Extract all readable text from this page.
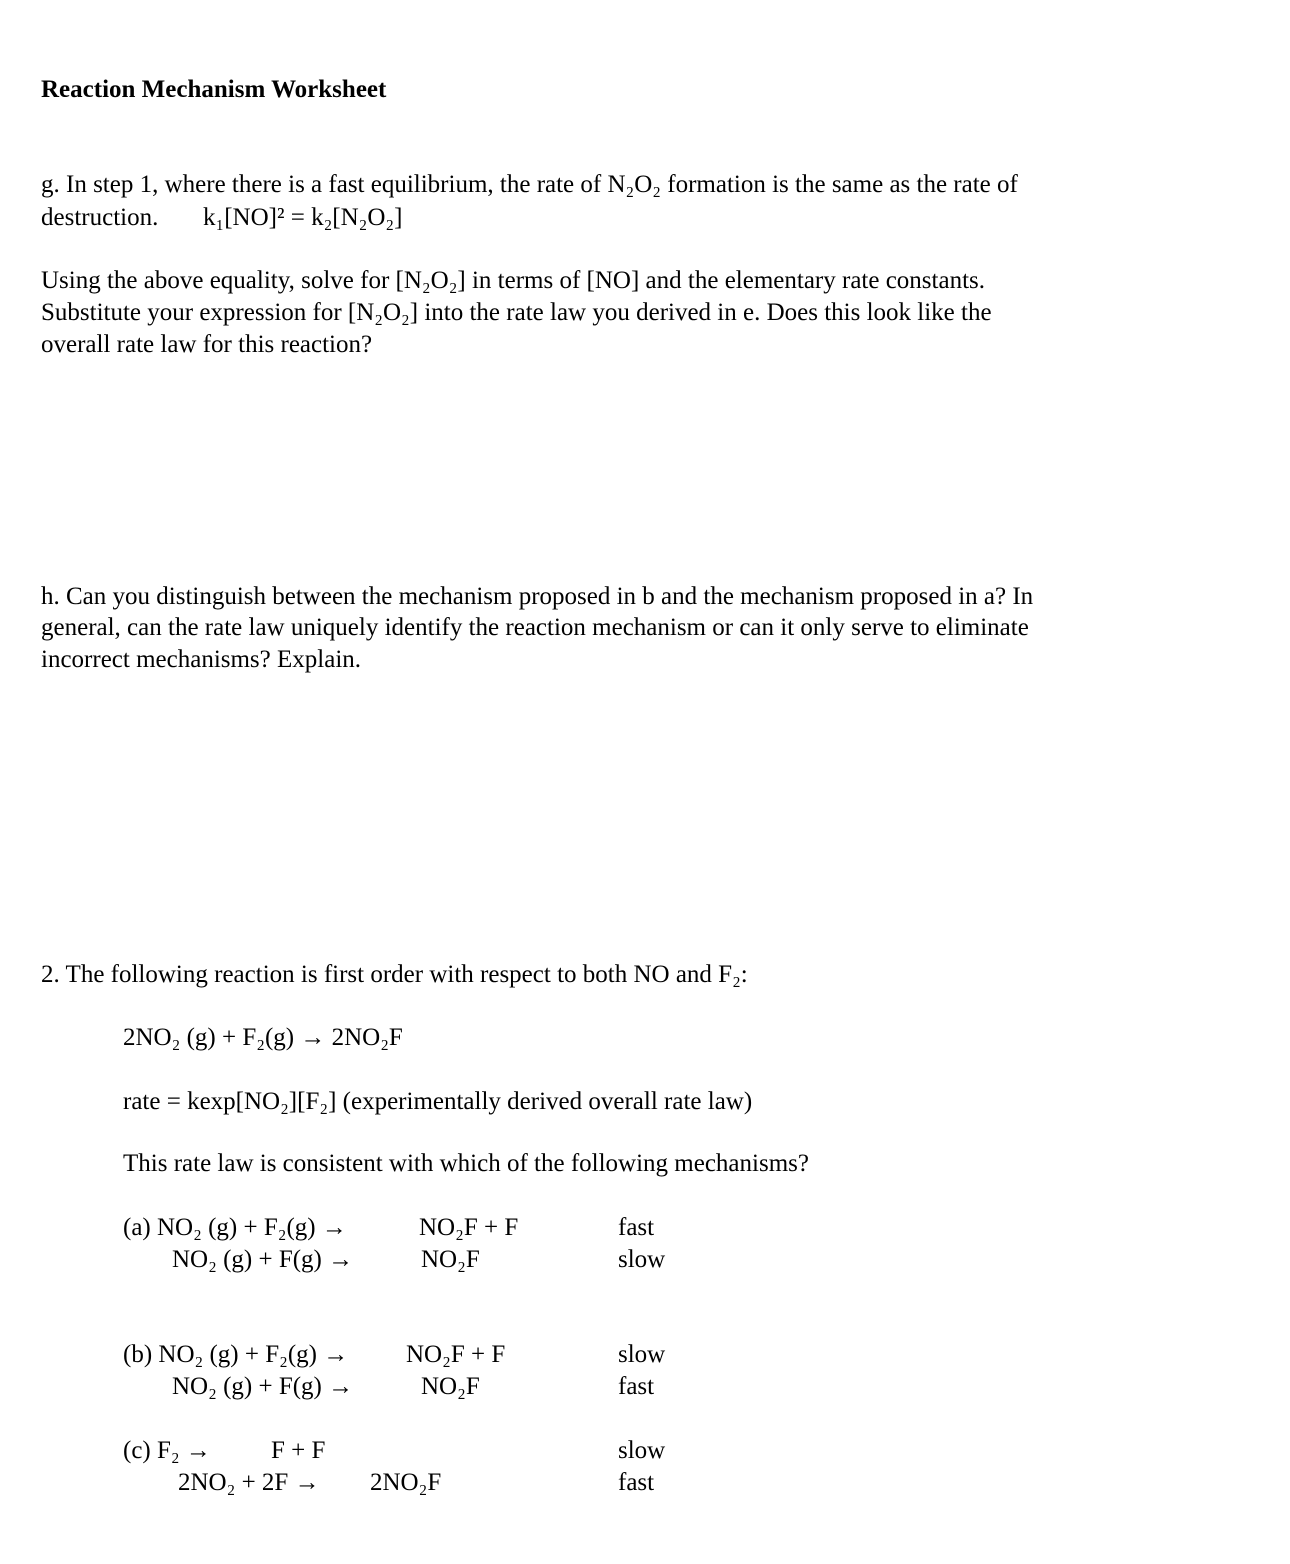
Reaction Mechanism Worksheet
g. In step 1, where there is a fast equilibrium, the rate of N₂O₂ formation is the same as the rate of
destruction. k₁[NO]² = k₂[N₂O₂]
Using the above equality, solve for [N₂O₂] in terms of [NO] and the elementary rate constants.
Substitute your expression for [N₂O₂] into the rate law you derived in e. Does this look like the
overall rate law for this reaction?
h. Can you distinguish between the mechanism proposed in b and the mechanism proposed in a? In
general, can the rate law uniquely identify the reaction mechanism or can it only serve to eliminate
incorrect mechanisms? Explain.
2. The following reaction is first order with respect to both NO and F₂:
2NO₂ (g) + F₂(g) → 2NO₂F
rate = kexp[NO₂][F₂] (experimentally derived overall rate law)
This rate law is consistent with which of the following mechanisms?
(a) NO₂ (g) + F₂(g) →	NO₂F + F	fast
NO₂ (g) + F(g) →	NO₂F	slow
(b) NO₂ (g) + F₂(g) → NO₂F + F	slow
NO₂ (g) + F(g) →	NO₂F	fast
(c) F₂ → F + F	slow
2NO₂ + 2F → 2NO₂F	fast
